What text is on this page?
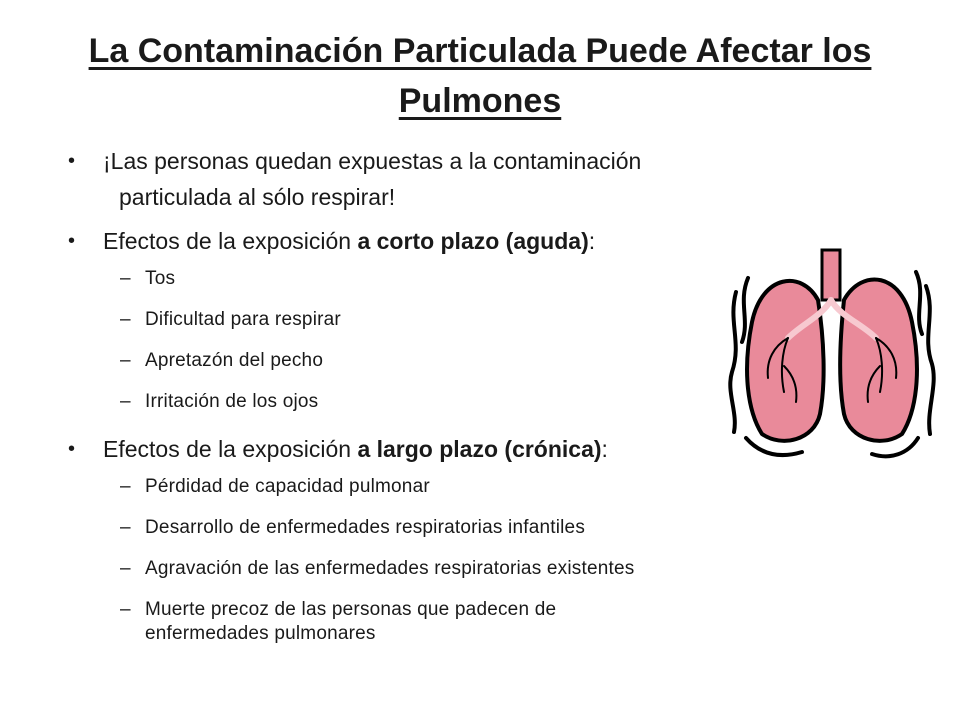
La Contaminación Particulada Puede Afectar los Pulmones
• ¡Las personas quedan expuestas a la contaminación
particulada al sólo respirar!
• Efectos de la exposición a corto plazo (aguda):
– Tos
– Dificultad para respirar
– Apretazón del pecho
– Irritación de los ojos
• Efectos de la exposición a largo plazo (crónica):
– Pérdidad de capacidad pulmonar
– Desarrollo de enfermedades respiratorias infantiles
– Agravación de las enfermedades respiratorias existentes
– Muerte precoz de las personas que padecen de
enfermedades pulmonares
